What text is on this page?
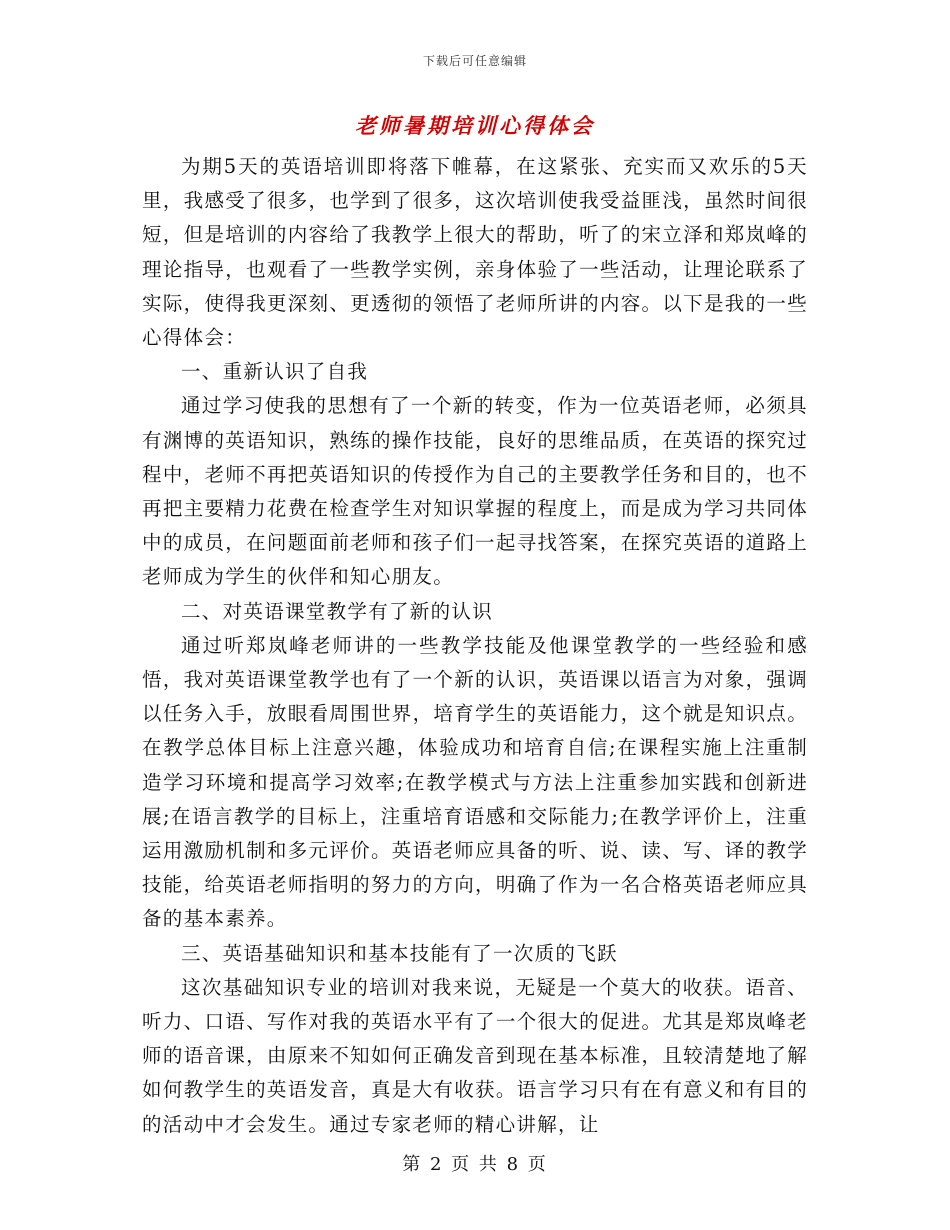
下载后可任意编辑
老师暑期培训心得体会

为期5天的英语培训即将落下帷幕，在这紧张、充实而又欢乐的5天里，我感受了很多，也学到了很多，这次培训使我受益匪浅，虽然时间很短，但是培训的内容给了我教学上很大的帮助，听了的宋立泽和郑岚峰的理论指导，也观看了一些教学实例，亲身体验了一些活动，让理论联系了实际，使得我更深刻、更透彻的领悟了老师所讲的内容。以下是我的一些心得体会：

一、重新认识了自我

通过学习使我的思想有了一个新的转变，作为一位英语老师，必须具有渊博的英语知识，熟练的操作技能，良好的思维品质，在英语的探究过程中，老师不再把英语知识的传授作为自己的主要教学任务和目的，也不再把主要精力花费在检查学生对知识掌握的程度上，而是成为学习共同体中的成员，在问题面前老师和孩子们一起寻找答案，在探究英语的道路上老师成为学生的伙伴和知心朋友。

二、对英语课堂教学有了新的认识

通过听郑岚峰老师讲的一些教学技能及他课堂教学的一些经验和感悟，我对英语课堂教学也有了一个新的认识，英语课以语言为对象，强调以任务入手，放眼看周围世界，培育学生的英语能力，这个就是知识点。在教学总体目标上注意兴趣，体验成功和培育自信;在课程实施上注重制造学习环境和提高学习效率;在教学模式与方法上注重参加实践和创新进展;在语言教学的目标上，注重培育语感和交际能力;在教学评价上，注重运用激励机制和多元评价。英语老师应具备的听、说、读、写、译的教学技能，给英语老师指明的努力的方向，明确了作为一名合格英语老师应具备的基本素养。

三、英语基础知识和基本技能有了一次质的飞跃

这次基础知识专业的培训对我来说，无疑是一个莫大的收获。语音、听力、口语、写作对我的英语水平有了一个很大的促进。尤其是郑岚峰老师的语音课，由原来不知如何正确发音到现在基本标准，且较清楚地了解如何教学生的英语发音，真是大有收获。语言学习只有在有意义和有目的的活动中才会发生。通过专家老师的精心讲解，让

第 2 页 共 8 页
